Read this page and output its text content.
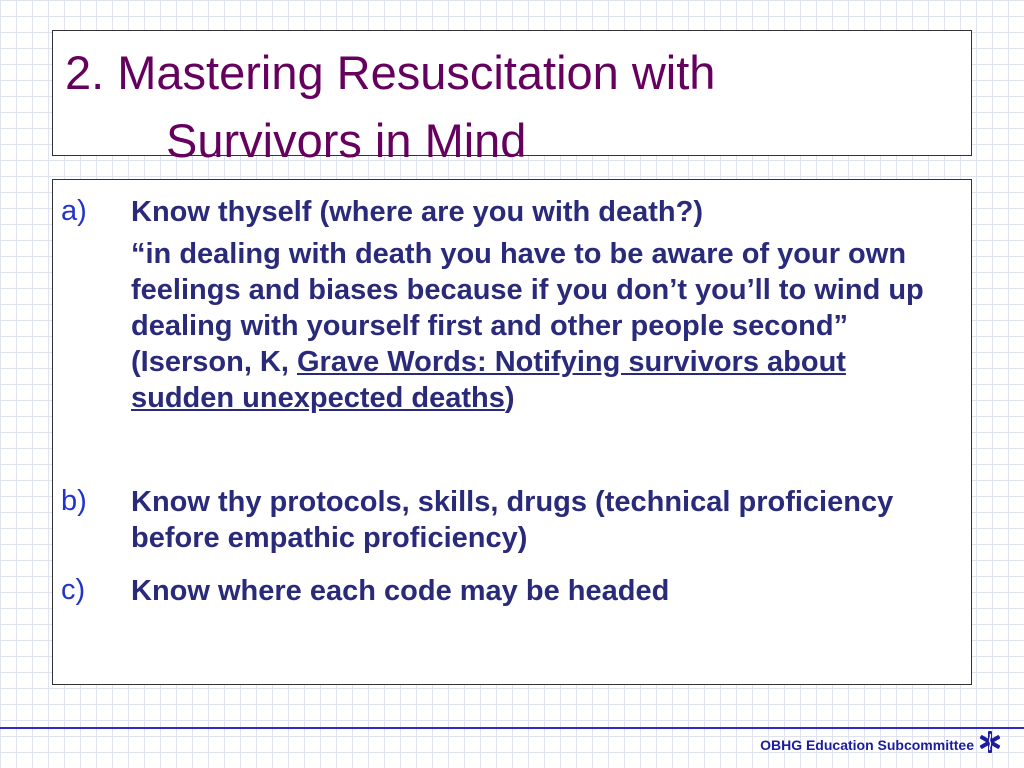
2. Mastering Resuscitation with
Survivors in Mind
a) Know thyself (where are you with death?)
“in dealing with death you have to be aware of your own feelings and biases because if you don’t you’ll to wind up dealing with yourself first and other people second” (Iserson, K, Grave Words: Notifying survivors about sudden unexpected deaths)
b) Know thy protocols, skills, drugs (technical proficiency before empathic proficiency)
c) Know where each code may be headed
OBHG Education Subcommittee
